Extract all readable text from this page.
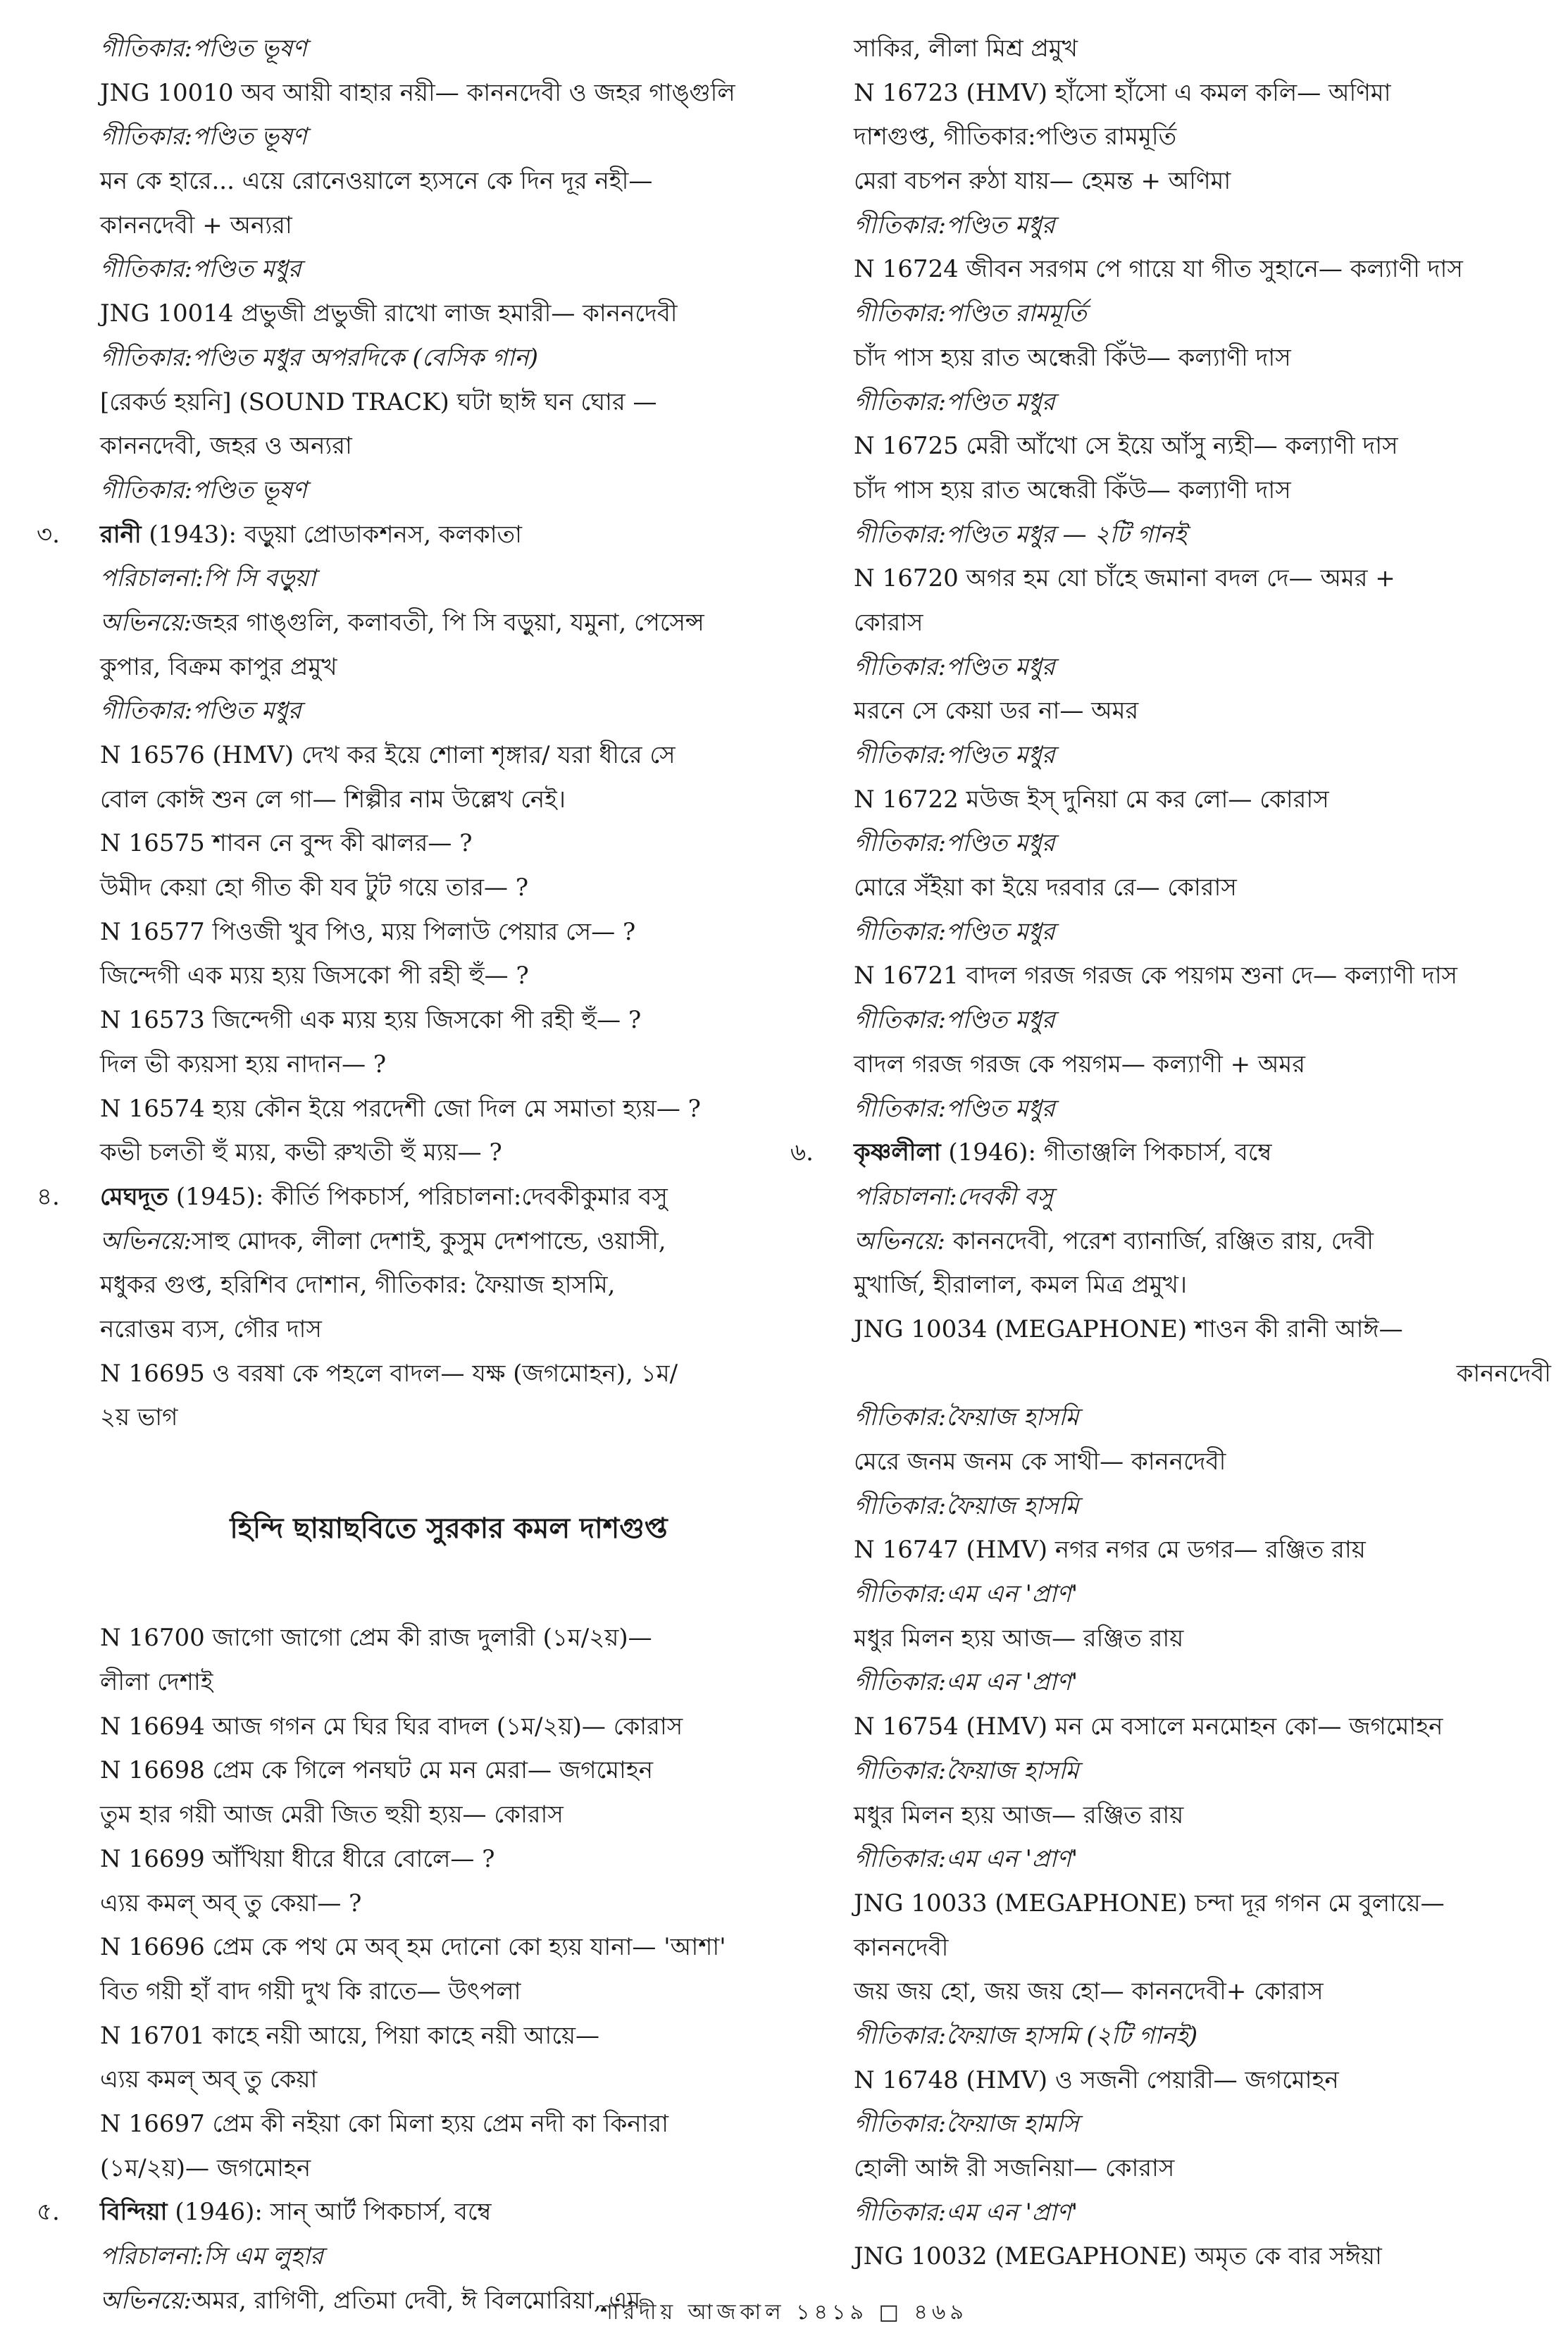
গীতিকার:পণ্ডিত ভূষণ
JNG 10010 অব আয়ী বাহার নয়ী— কাননদেবী ও জহর গাঙ্গুলি
গীতিকার:পণ্ডিত ভূষণ
মন কে হারে... এয়ে রোনেওয়ালে হ্যসনে কে দিন দূর নহী—
কাননদেবী + অন্যরা
গীতিকার:পণ্ডিত মধুর
JNG 10014 প্রভুজী প্রভুজী রাখো লাজ হমারী— কাননদেবী
গীতিকার:পণ্ডিত মধুর অপরদিকে (বেসিক গান)
[রেকর্ড হয়নি] (SOUND TRACK) ঘটা ছাঈ ঘন ঘোর —
কাননদেবী, জহর ও অন্যরা
গীতিকার:পণ্ডিত ভূষণ
৩. রানী (1943): বড়ুয়া প্রোডাকশনস, কলকাতা
পরিচালনা:পি সি বড়ুয়া
অভিনয়ে:জহর গাঙ্গুলি, কলাবতী, পি সি বড়ুয়া, যমুনা, পেসেন্স
কুপার, বিক্রম কাপুর প্রমুখ
গীতিকার:পণ্ডিত মধুর
N 16576 (HMV) দেখ কর ইয়ে শোলা শৃঙ্গার/ যরা ধীরে সে
বোল কোঈ শুন লে গা— শিল্পীর নাম উল্লেখ নেই।
N 16575 শাবন নে বুন্দ কী ঝালর— ?
উমীদ কেয়া হো গীত কী যব টুট গয়ে তার— ?
N 16577 পিওজী খুব পিও, ম্যয় পিলাউ পেয়ার সে— ?
জিন্দেগী এক ম্যয় হ্যয় জিসকো পী রহী হুঁ— ?
N 16573 জিন্দেগী এক ম্যয় হ্যয় জিসকো পী রহী হুঁ— ?
দিল ভী ক্যয়সা হ্যয় নাদান— ?
N 16574 হ্যয় কৌন ইয়ে পরদেশী জো দিল মে সমাতা হ্যয়— ?
কভী চলতী হুঁ ম্যয়, কভী রুখতী হুঁ ম্যয়— ?
৪. মেঘদূত (1945): কীর্তি পিকচার্স, পরিচালনা:দেবকীকুমার বসু
অভিনয়ে:সাহু মোদক, লীলা দেশাই, কুসুম দেশপান্ডে, ওয়াসী,
মধুকর গুপ্ত, হরিশিব দোশান, গীতিকার: ফৈয়াজ হাসমি,
নরোত্তম ব্যস, গৌর দাস
N 16695 ও বরষা কে পহলে বাদল— যক্ষ (জগমোহন), ১ম/
২য় ভাগ
হিন্দি ছায়াছবিতে সুরকার কমল দাশগুপ্ত
N 16700 জাগো জাগো প্রেম কী রাজ দুলারী (১ম/২য়)—
লীলা দেশাই
N 16694 আজ গগন মে ঘির ঘির বাদল (১ম/২য়)— কোরাস
N 16698 প্রেম কে গিলে পনঘট মে মন মেরা— জগমোহন
তুম হার গয়ী আজ মেরী জিত হুয়ী হ্যয়— কোরাস
N 16699 আঁখিয়া ধীরে ধীরে বোলে— ?
এ্যয় কমল্ অব্ তু কেয়া— ?
N 16696 প্রেম কে পথ মে অব্ হম দোনো কো হ্যয় যানা— 'আশা'
বিত গয়ী হাঁ বাদ গয়ী দুখ কি রাতে— উৎপলা
N 16701 কাহে নয়ী আয়ে, পিয়া কাহে নয়ী আয়ে—
এ্যয় কমল্ অব্ তু কেয়া
N 16697 প্রেম কী নইয়া কো মিলা হ্যয় প্রেম নদী কা কিনারা
(১ম/২য়)— জগমোহন
৫. বিন্দিয়া (1946): সান্ আর্ট পিকচার্স, বম্বে
পরিচালনা:সি এম লুহার
অভিনয়ে:অমর, রাগিণী, প্রতিমা দেবী, ঈ বিলমোরিয়া, এম
সাকির, লীলা মিশ্র প্রমুখ
N 16723 (HMV) হাঁসো হাঁসো এ কমল কলি— অণিমা
দাশগুপ্ত, গীতিকার:পণ্ডিত রামমূর্তি
মেরা বচপন রুঠা যায়— হেমন্ত + অণিমা
গীতিকার:পণ্ডিত মধুর
N 16724 জীবন সরগম পে গায়ে যা গীত সুহানে— কল্যাণী দাস
গীতিকার:পণ্ডিত রামমূর্তি
চাঁদ পাস হ্যয় রাত অন্ধেরী কিঁউ— কল্যাণী দাস
গীতিকার:পণ্ডিত মধুর
N 16725 মেরী আঁখো সে ইয়ে আঁসু ন্যহী— কল্যাণী দাস
চাঁদ পাস হ্যয় রাত অন্ধেরী কিঁউ— কল্যাণী দাস
গীতিকার:পণ্ডিত মধুর — ২টি গানই
N 16720 অগর হম যো চাঁহে জমানা বদল দে— অমর +
কোরাস
গীতিকার:পণ্ডিত মধুর
মরনে সে কেয়া ডর না— অমর
গীতিকার:পণ্ডিত মধুর
N 16722 মউজ ইস্ দুনিয়া মে কর লো— কোরাস
গীতিকার:পণ্ডিত মধুর
মোরে সঁইয়া কা ইয়ে দরবার রে— কোরাস
গীতিকার:পণ্ডিত মধুর
N 16721 বাদল গরজ গরজ কে পয়গম শুনা দে— কল্যাণী দাস
গীতিকার:পণ্ডিত মধুর
বাদল গরজ গরজ কে পয়গম— কল্যাণী + অমর
গীতিকার:পণ্ডিত মধুর
৬. কৃষ্ণলীলা (1946): গীতাঞ্জলি পিকচার্স, বম্বে
পরিচালনা:দেবকী বসু
অভিনয়ে: কাননদেবী, পরেশ ব্যানার্জি, রঞ্জিত রায়, দেবী
মুখার্জি, হীরালাল, কমল মিত্র প্রমুখ।
JNG 10034 (MEGAPHONE) শাওন কী রানী আঈ—
কাননদেবী
গীতিকার:ফৈয়াজ হাসমি
মেরে জনম জনম কে সাথী— কাননদেবী
গীতিকার:ফৈয়াজ হাসমি
N 16747 (HMV) নগর নগর মে ডগর— রঞ্জিত রায়
গীতিকার:এম এন 'প্রাণ'
মধুর মিলন হ্যয় আজ— রঞ্জিত রায়
গীতিকার:এম এন 'প্রাণ'
N 16754 (HMV) মন মে বসালে মনমোহন কো— জগমোহন
গীতিকার:ফৈয়াজ হাসমি
মধুর মিলন হ্যয় আজ— রঞ্জিত রায়
গীতিকার:এম এন 'প্রাণ'
JNG 10033 (MEGAPHONE) চন্দা দূর গগন মে বুলায়ে—
কাননদেবী
জয় জয় হো, জয় জয় হো— কাননদেবী+ কোরাস
গীতিকার:ফৈয়াজ হাসমি (২টি গানই)
N 16748 (HMV) ও সজনী পেয়ারী— জগমোহন
গীতিকার:ফৈয়াজ হামসি
হোলী আঈ রী সজনিয়া— কোরাস
গীতিকার:এম এন 'প্রাণ'
JNG 10032 (MEGAPHONE) অমৃত কে বার সঈয়া
শারদীয় আজকাল ১৪১৯ □ ৪৬৯
